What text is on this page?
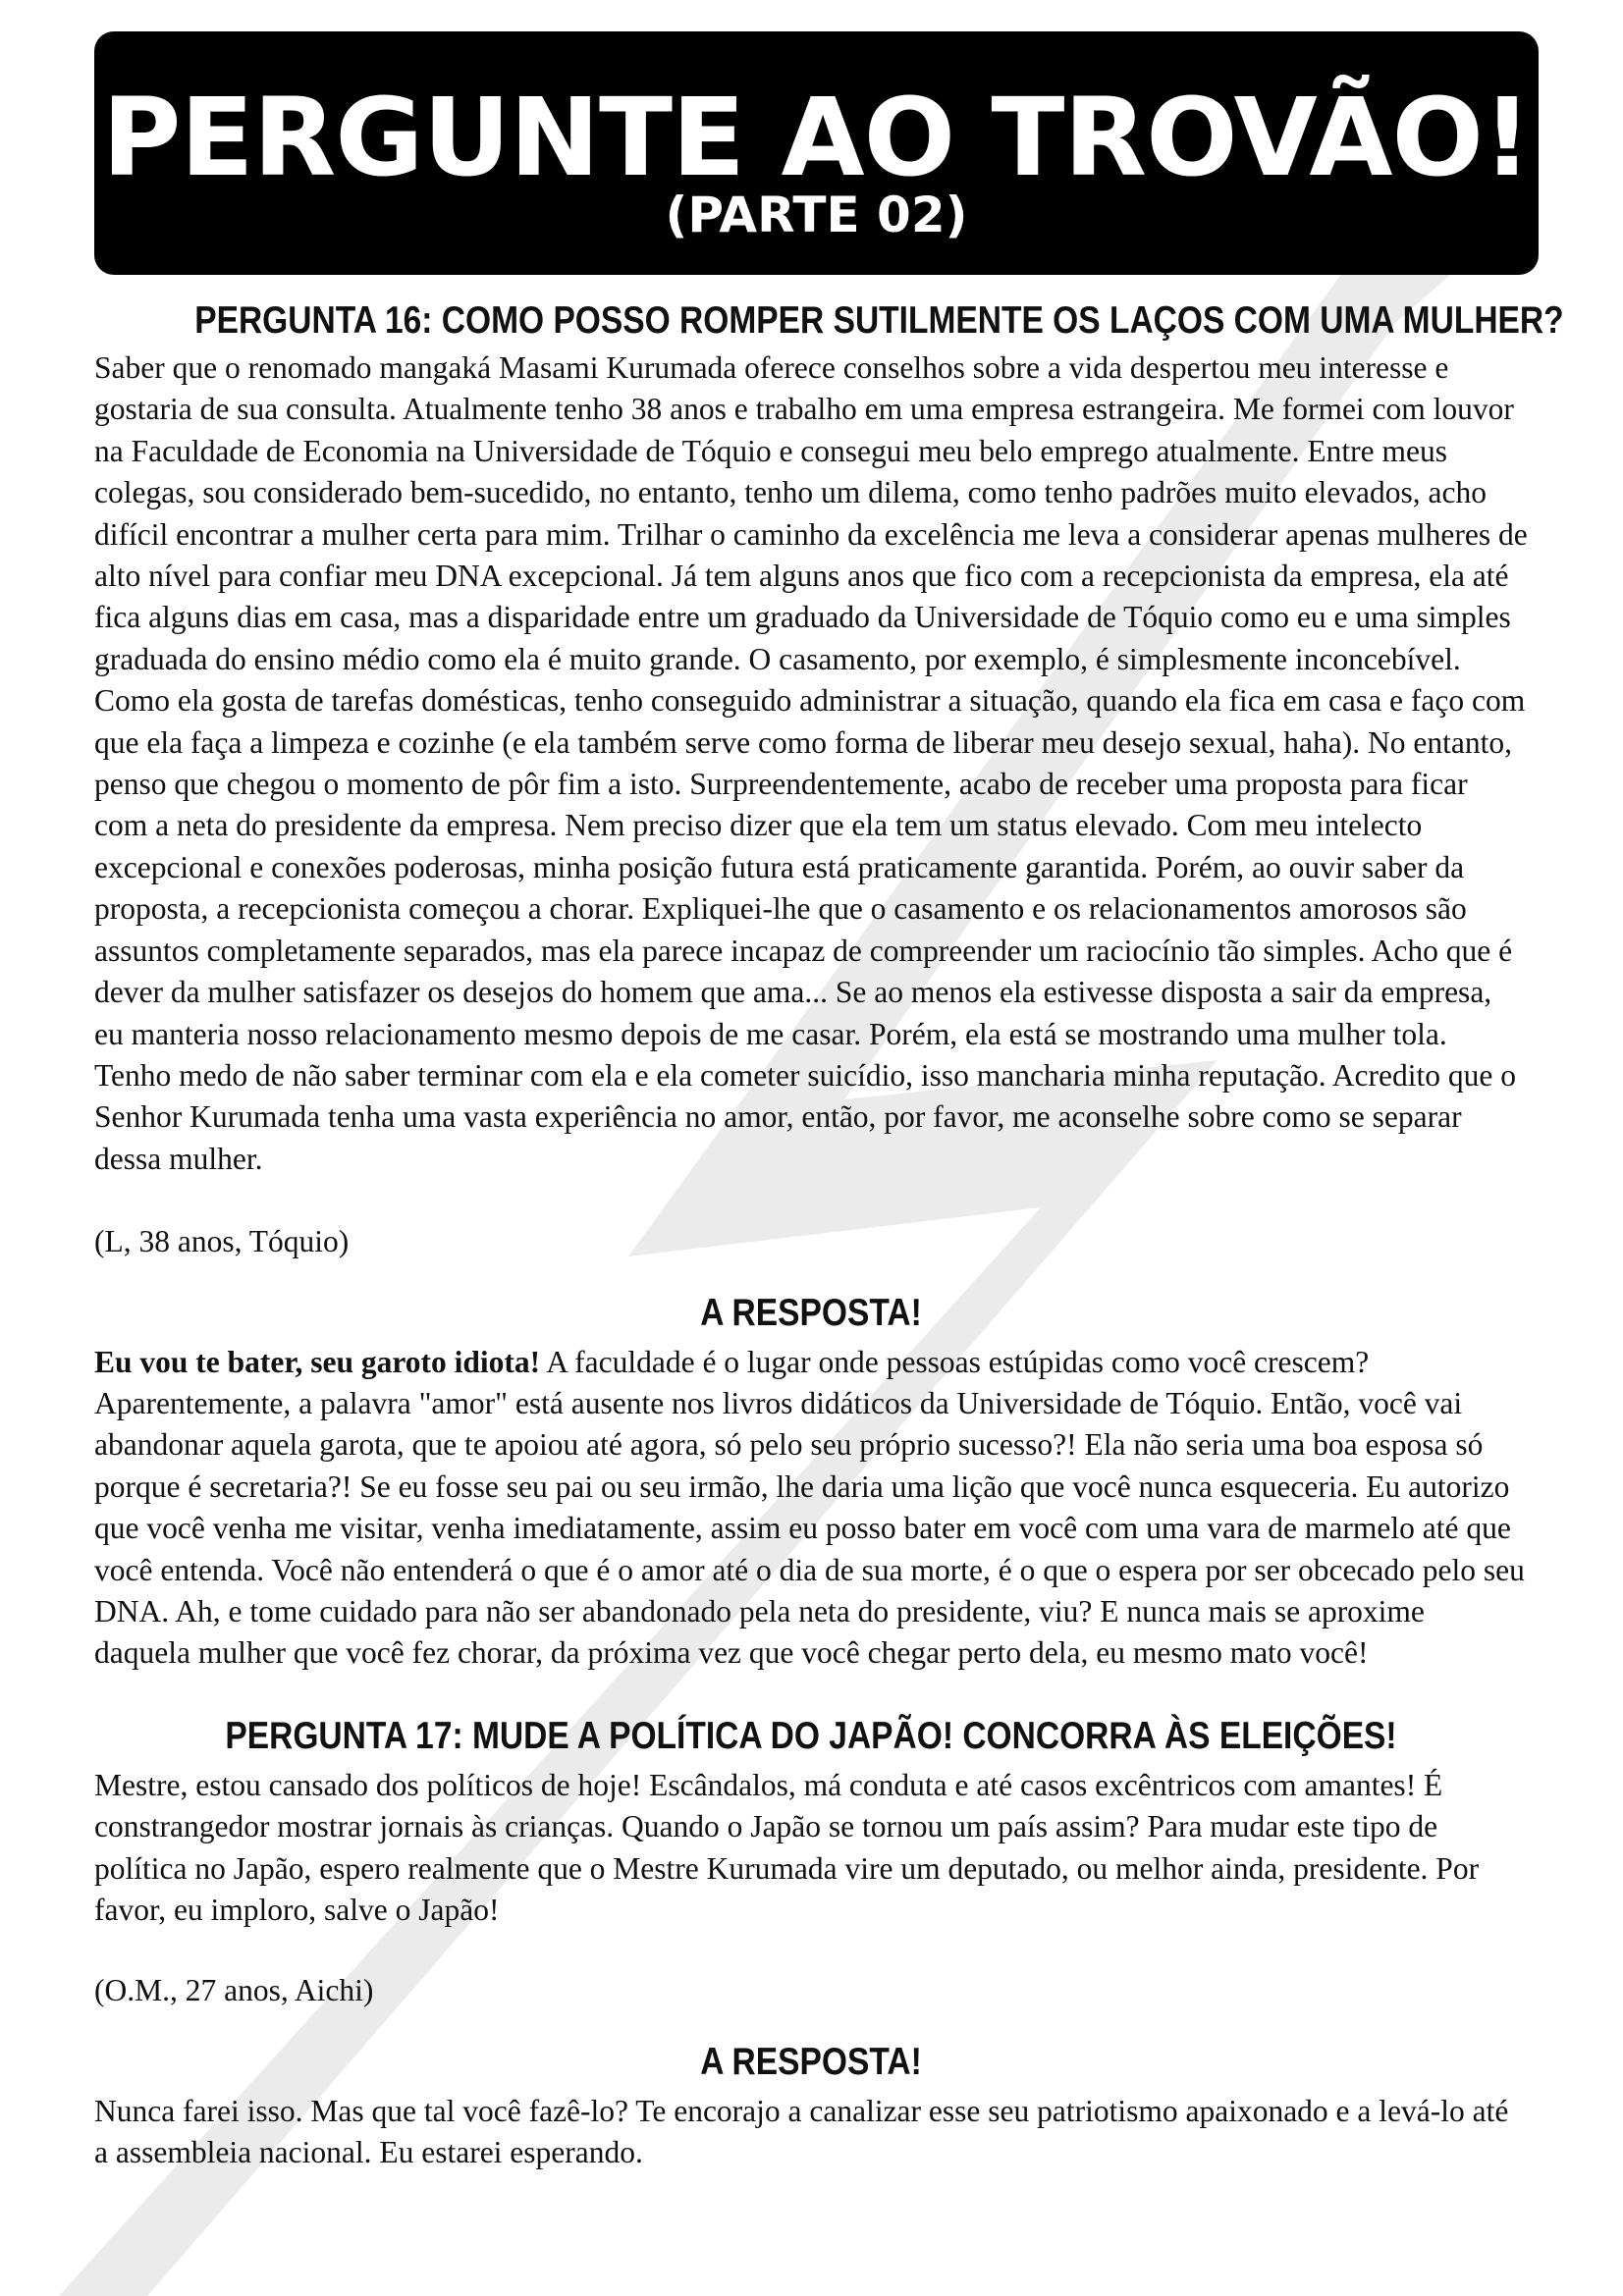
PERGUNTE AO TROVÃO!
(PARTE 02)
PERGUNTA 16: COMO POSSO ROMPER SUTILMENTE OS LAÇOS COM UMA MULHER?

Saber que o renomado mangaká Masami Kurumada oferece conselhos sobre a vida despertou meu interesse e gostaria de sua consulta. Atualmente tenho 38 anos e trabalho em uma empresa estrangeira. Me formei com louvor na Faculdade de Economia na Universidade de Tóquio e consegui meu belo emprego atualmente. Entre meus colegas, sou considerado bem-sucedido, no entanto, tenho um dilema, como tenho padrões muito elevados, acho difícil encontrar a mulher certa para mim. Trilhar o caminho da excelência me leva a considerar apenas mulheres de alto nível para confiar meu DNA excepcional. Já tem alguns anos que fico com a recepcionista da empresa, ela até fica alguns dias em casa, mas a disparidade entre um graduado da Universidade de Tóquio como eu e uma simples graduada do ensino médio como ela é muito grande. O casamento, por exemplo, é simplesmente inconcebível. Como ela gosta de tarefas domésticas, tenho conseguido administrar a situação, quando ela fica em casa e faço com que ela faça a limpeza e cozinhe (e ela também serve como forma de liberar meu desejo sexual, haha). No entanto, penso que chegou o momento de pôr fim a isto. Surpreendentemente, acabo de receber uma proposta para ficar com a neta do presidente da empresa. Nem preciso dizer que ela tem um status elevado. Com meu intelecto excepcional e conexões poderosas, minha posição futura está praticamente garantida. Porém, ao ouvir saber da proposta, a recepcionista começou a chorar. Expliquei-lhe que o casamento e os relacionamentos amorosos são assuntos completamente separados, mas ela parece incapaz de compreender um raciocínio tão simples. Acho que é dever da mulher satisfazer os desejos do homem que ama... Se ao menos ela estivesse disposta a sair da empresa, eu manteria nosso relacionamento mesmo depois de me casar. Porém, ela está se mostrando uma mulher tola. Tenho medo de não saber terminar com ela e ela cometer suicídio, isso mancharia minha reputação. Acredito que o Senhor Kurumada tenha uma vasta experiência no amor, então, por favor, me aconselhe sobre como se separar dessa mulher.

(L, 38 anos, Tóquio)

A RESPOSTA!

Eu vou te bater, seu garoto idiota! A faculdade é o lugar onde pessoas estúpidas como você crescem? Aparentemente, a palavra "amor" está ausente nos livros didáticos da Universidade de Tóquio. Então, você vai abandonar aquela garota, que te apoiou até agora, só pelo seu próprio sucesso?! Ela não seria uma boa esposa só porque é secretaria?! Se eu fosse seu pai ou seu irmão, lhe daria uma lição que você nunca esqueceria. Eu autorizo que você venha me visitar, venha imediatamente, assim eu posso bater em você com uma vara de marmelo até que você entenda. Você não entenderá o que é o amor até o dia de sua morte, é o que o espera por ser obcecado pelo seu DNA. Ah, e tome cuidado para não ser abandonado pela neta do presidente, viu? E nunca mais se aproxime daquela mulher que você fez chorar, da próxima vez que você chegar perto dela, eu mesmo mato você!

PERGUNTA 17: MUDE A POLÍTICA DO JAPÃO! CONCORRA ÀS ELEIÇÕES!

Mestre, estou cansado dos políticos de hoje! Escândalos, má conduta e até casos excêntricos com amantes! É constrangedor mostrar jornais às crianças. Quando o Japão se tornou um país assim? Para mudar este tipo de política no Japão, espero realmente que o Mestre Kurumada vire um deputado, ou melhor ainda, presidente. Por favor, eu imploro, salve o Japão!

(O.M., 27 anos, Aichi)

A RESPOSTA!

Nunca farei isso. Mas que tal você fazê-lo? Te encorajo a canalizar esse seu patriotismo apaixonado e a levá-lo até a assembleia nacional. Eu estarei esperando.
